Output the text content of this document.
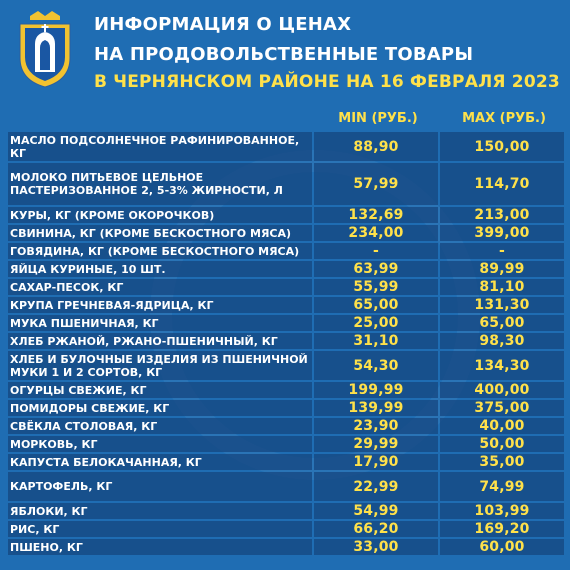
ИНФОРМАЦИЯ О ЦЕНАХ
НА ПРОДОВОЛЬСТВЕННЫЕ ТОВАРЫ
В ЧЕРНЯНСКОМ РАЙОНЕ НА 16 ФЕВРАЛЯ 2023
MIN (РУБ.)	MAX (РУБ.)
МАСЛО ПОДСОЛНЕЧНОЕ РАФИНИРОВАННОЕ, КГ	88,90	150,00
МОЛОКО ПИТЬЕВОЕ ЦЕЛЬНОЕ ПАСТЕРИЗОВАННОЕ 2, 5-3% ЖИРНОСТИ, Л	57,99	114,70
КУРЫ, КГ (КРОМЕ ОКОРОЧКОВ)	132,69	213,00
СВИНИНА, КГ (КРОМЕ БЕСКОСТНОГО МЯСА)	234,00	399,00
ГОВЯДИНА, КГ (КРОМЕ БЕСКОСТНОГО МЯСА)	-	-
ЯЙЦА КУРИНЫЕ, 10 ШТ.	63,99	89,99
САХАР-ПЕСОК, КГ	55,99	81,10
КРУПА ГРЕЧНЕВАЯ-ЯДРИЦА, КГ	65,00	131,30
МУКА ПШЕНИЧНАЯ, КГ	25,00	65,00
ХЛЕБ РЖАНОЙ, РЖАНО-ПШЕНИЧНЫЙ, КГ	31,10	98,30
ХЛЕБ И БУЛОЧНЫЕ ИЗДЕЛИЯ ИЗ ПШЕНИЧНОЙ МУКИ 1 И 2 СОРТОВ, КГ	54,30	134,30
ОГУРЦЫ СВЕЖИЕ, КГ	199,99	400,00
ПОМИДОРЫ СВЕЖИЕ, КГ	139,99	375,00
СВЁКЛА СТОЛОВАЯ, КГ	23,90	40,00
МОРКОВЬ, КГ	29,99	50,00
КАПУСТА БЕЛОКАЧАННАЯ, КГ	17,90	35,00
КАРТОФЕЛЬ, КГ	22,99	74,99
ЯБЛОКИ, КГ	54,99	103,99
РИС, КГ	66,20	169,20
ПШЕНО, КГ	33,00	60,00
